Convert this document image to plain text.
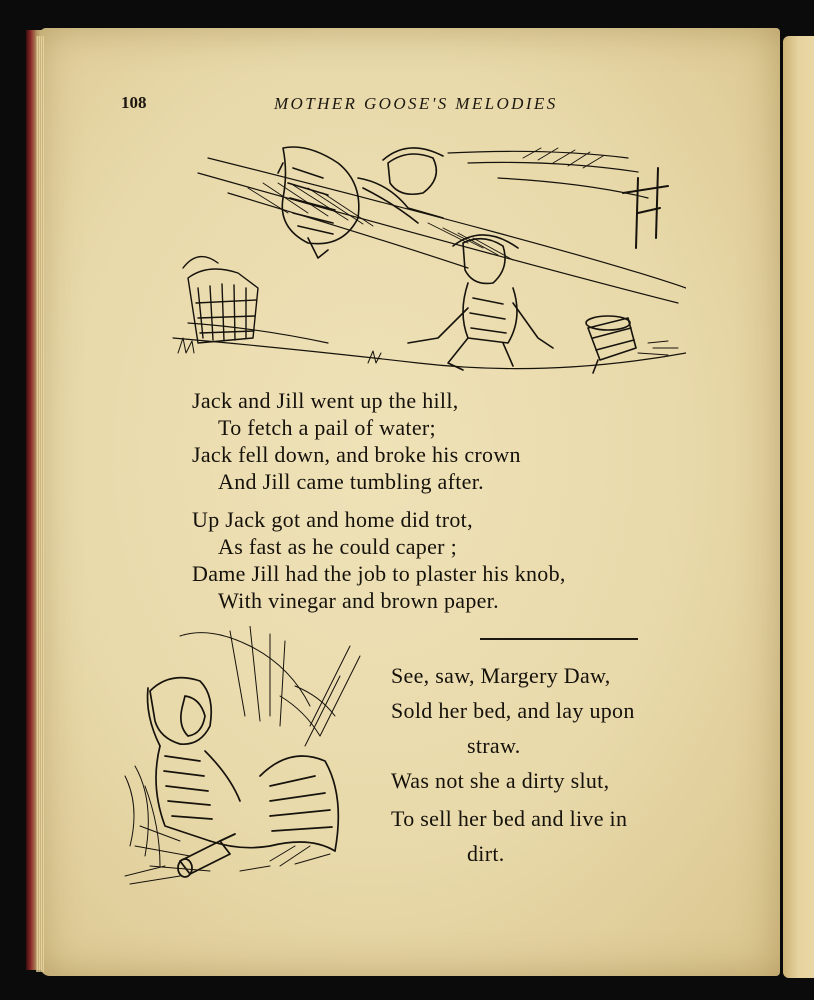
108	MOTHER GOOSE'S MELODIES
Jack and Jill went up the hill,
To fetch a pail of water;
Jack fell down, and broke his crown
And Jill came tumbling after.
Up Jack got and home did trot,
As fast as he could caper ;
Dame Jill had the job to plaster his knob,
With vinegar and brown paper.
See, saw, Margery Daw,
Sold her bed, and lay upon
straw.
Was not she a dirty slut,
To sell her bed and live in
dirt.
